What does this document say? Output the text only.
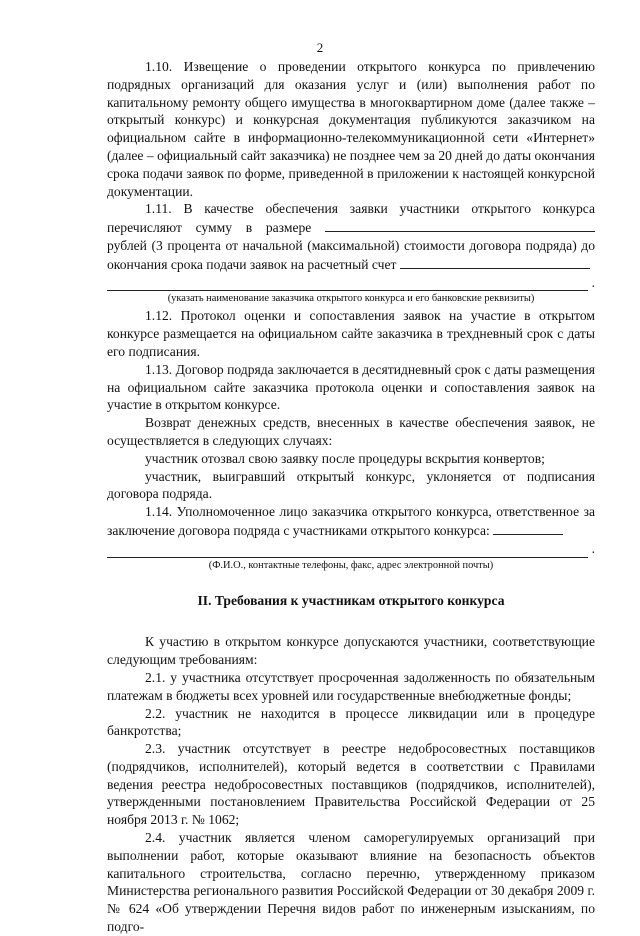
2

1.10. Извещение о проведении открытого конкурса по привлечению подрядных организаций для оказания услуг и (или) выполнения работ по капитальному ремонту общего имущества в многоквартирном доме (далее также – открытый конкурс) и конкурсная документация публикуются заказчиком на официальном сайте в информационно-телекоммуникационной сети «Интернет» (далее – официальный сайт заказчика) не позднее чем за 20 дней до даты окончания срока подачи заявок по форме, приведенной в приложении к настоящей конкурсной документации.

1.11. В качестве обеспечения заявки участники открытого конкурса перечисляют сумму в размере  рублей (3 процента от начальной (максимальной) стоимости договора подряда) до окончания срока подачи заявок на расчетный счет

.
(указать наименование заказчика открытого конкурса и его банковские реквизиты)

1.12. Протокол оценки и сопоставления заявок на участие в открытом конкурсе размещается на официальном сайте заказчика в трехдневный срок с даты его подписания.

1.13. Договор подряда заключается в десятидневный срок с даты размещения на официальном сайте заказчика протокола оценки и сопоставления заявок на участие в открытом конкурсе.

Возврат денежных средств, внесенных в качестве обеспечения заявок, не осуществляется в следующих случаях:

участник отозвал свою заявку после процедуры вскрытия конвертов;

участник, выигравший открытый конкурс, уклоняется от подписания договора подряда.

1.14. Уполномоченное лицо заказчика открытого конкурса, ответственное за заключение договора подряда с участниками открытого конкурса:

.
(Ф.И.О., контактные телефоны, факс, адрес электронной почты)
II. Требования к участникам открытого конкурса

К участию в открытом конкурсе допускаются участники, соответствующие следующим требованиям:

2.1. у участника отсутствует просроченная задолженность по обязательным платежам в бюджеты всех уровней или государственные внебюджетные фонды;

2.2. участник не находится в процессе ликвидации или в процедуре банкротства;

2.3. участник отсутствует в реестре недобросовестных поставщиков (подрядчиков, исполнителей), который ведется в соответствии с Правилами ведения реестра недобросовестных поставщиков (подрядчиков, исполнителей), утвержденными постановлением Правительства Российской Федерации от 25 ноября 2013 г. № 1062;

2.4. участник является членом саморегулируемых организаций при выполнении работ, которые оказывают влияние на безопасность объектов капитального строительства, согласно перечню, утвержденному приказом Министерства регионального развития Российской Федерации от 30 декабря 2009 г. № 624 «Об утверждении Перечня видов работ по инженерным изысканиям, по подго-
